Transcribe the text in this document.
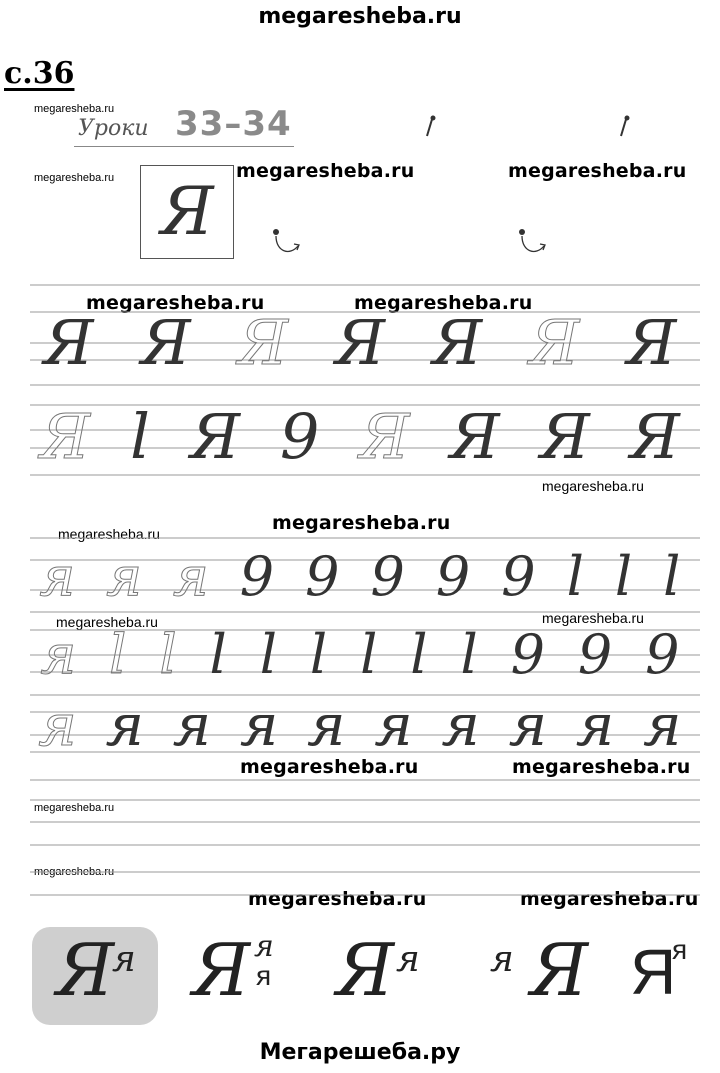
megaresheba.ru
с.36
megaresheba.ru
megaresheba.ru
Уроки 33–34
Я
megaresheba.ru	megaresheba.ru
megaresheba.ru	megaresheba.ru
megaresheba.ru
megaresheba.ru	megaresheba.ru
megaresheba.ru	megaresheba.ru
megaresheba.ru
megaresheba.ru
megaresheba.ru	megaresheba.ru
megaresheba.ru
megaresheba.ru
Я Я Я Я Я Я Я
Я l Я 9 Я Я Я Я
я я я 9 9 9 9 9 l l l
я l l l l l l l l 9 9 9
я я я я я я я я я я
Я
я Я я
я Я я Я
я Я
я
Мегарешеба.ру
